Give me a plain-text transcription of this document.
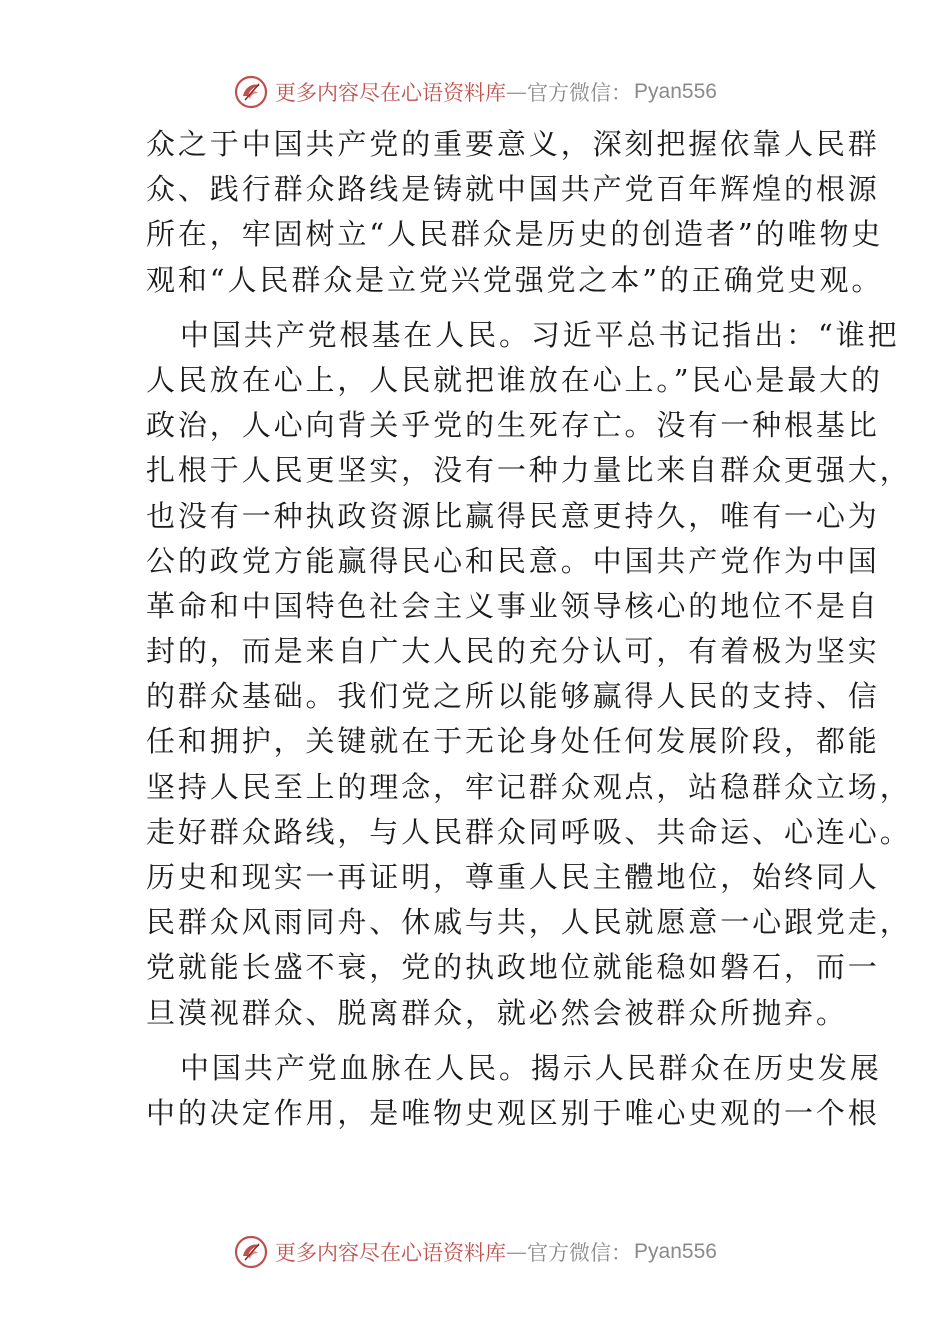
更多内容尽在心语资料库 — 官方微信： Pyan556
众之于中国共产党的重要意义，深刻把握依靠人民群
众、践行群众路线是铸就中国共产党百年辉煌的根源
所在，牢固树立“人民群众是历史的创造者”的唯物史
观和“人民群众是立党兴党强党之本”的正确党史观。
中国共产党根基在人民。习近平总书记指出：“谁把
人民放在心上，人民就把谁放在心上。”民心是最大的
政治，人心向背关乎党的生死存亡。没有一种根基比
扎根于人民更坚实，没有一种力量比来自群众更强大，
也没有一种执政资源比赢得民意更持久，唯有一心为
公的政党方能赢得民心和民意。中国共产党作为中国
革命和中国特色社会主义事业领导核心的地位不是自
封的，而是来自广大人民的充分认可，有着极为坚实
的群众基础。我们党之所以能够赢得人民的支持、信
任和拥护，关键就在于无论身处任何发展阶段，都能
坚持人民至上的理念，牢记群众观点，站稳群众立场，
走好群众路线，与人民群众同呼吸、共命运、心连心。
历史和现实一再证明，尊重人民主體地位，始终同人
民群众风雨同舟、休戚与共，人民就愿意一心跟党走，
党就能长盛不衰，党的执政地位就能稳如磐石，而一
旦漠视群众、脱离群众，就必然会被群众所抛弃。
中国共产党血脉在人民。揭示人民群众在历史发展
中的决定作用，是唯物史观区别于唯心史观的一个根
更多内容尽在心语资料库 — 官方微信： Pyan556
